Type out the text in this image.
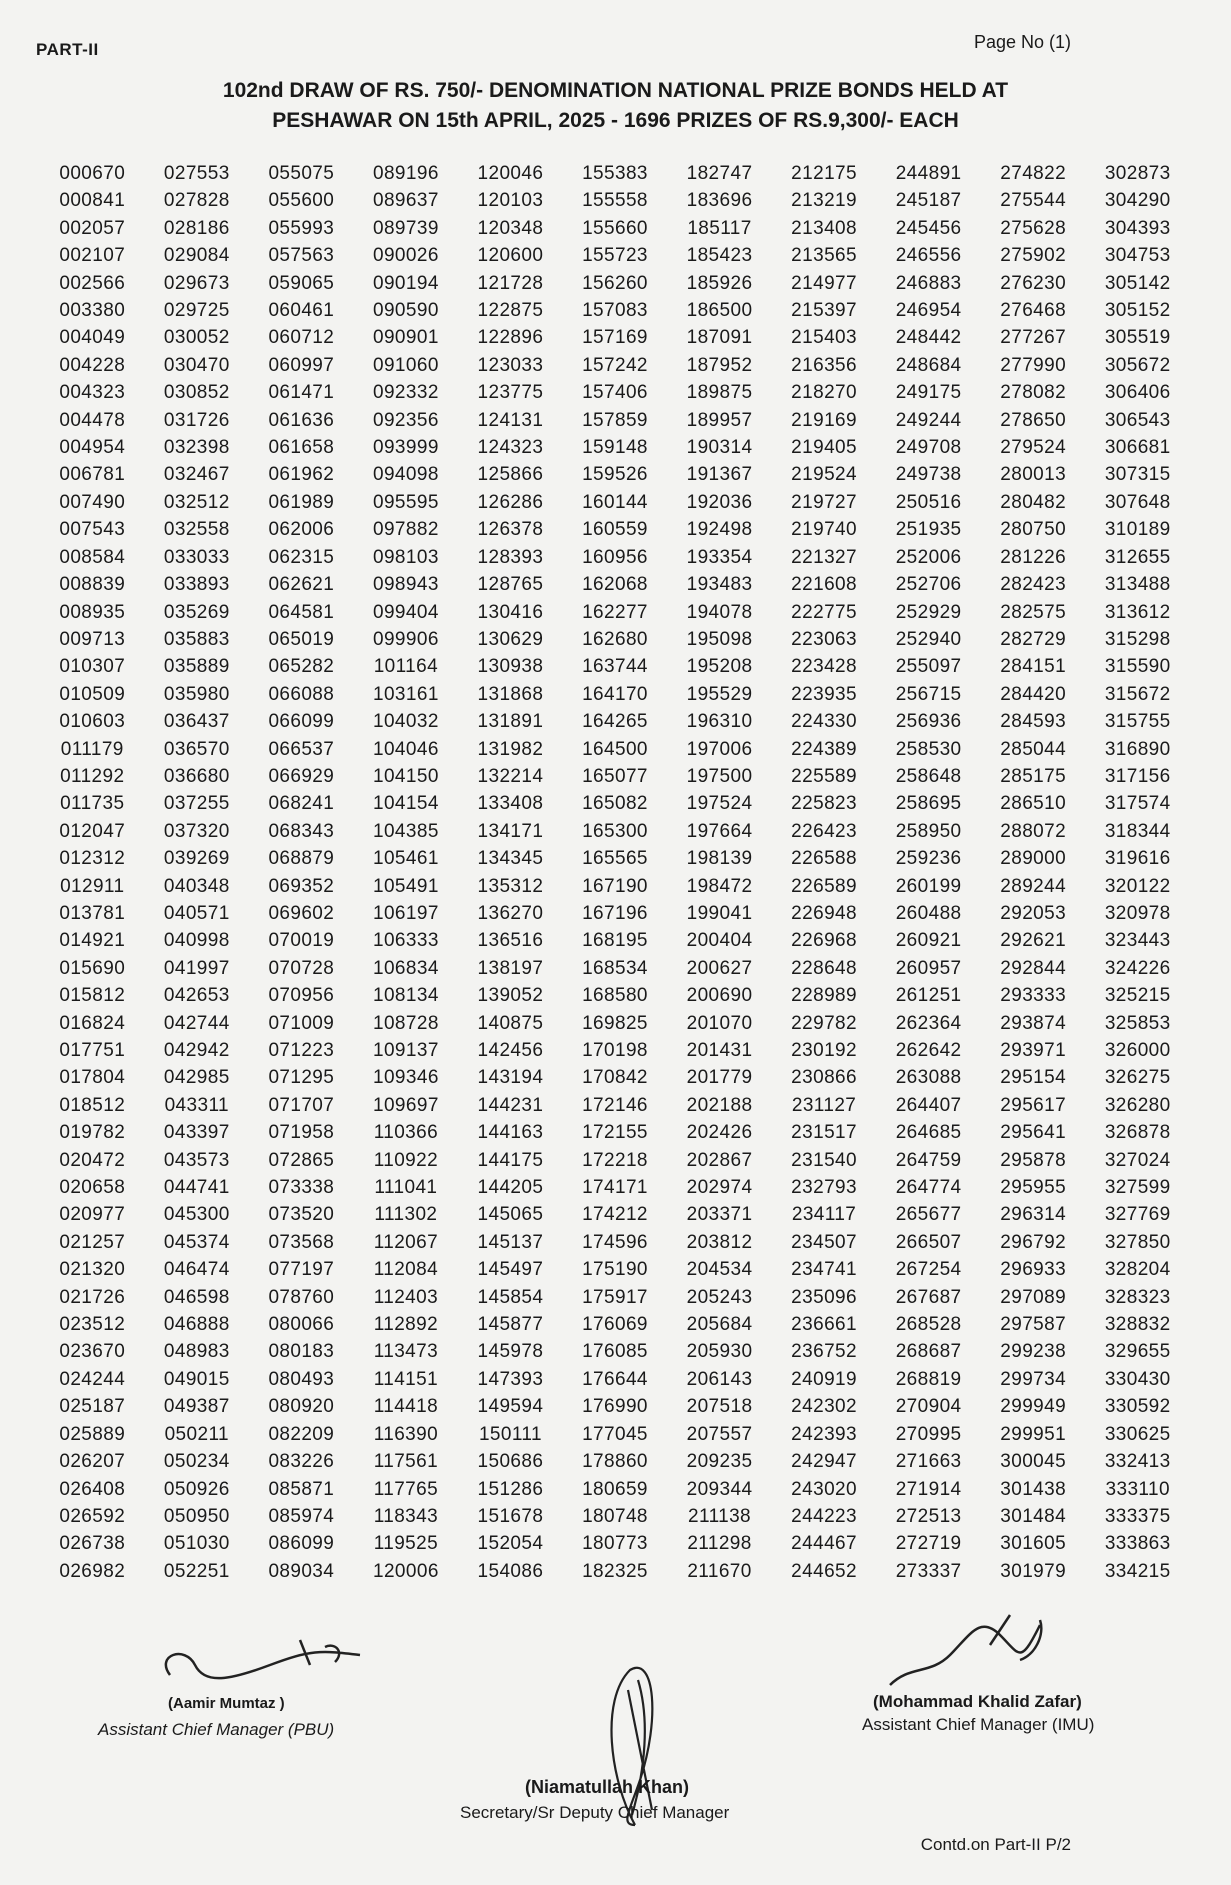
PART-II	Page No (1)
102nd DRAW OF RS. 750/- DENOMINATION NATIONAL PRIZE BONDS HELD AT
PESHAWAR ON 15th APRIL, 2025 - 1696 PRIZES OF RS.9,300/- EACH
000670
000841
002057
002107
002566
003380
004049
004228
004323
004478
004954
006781
007490
007543
008584
008839
008935
009713
010307
010509
010603
011179
011292
011735
012047
012312
012911
013781
014921
015690
015812
016824
017751
017804
018512
019782
020472
020658
020977
021257
021320
021726
023512
023670
024244
025187
025889
026207
026408
026592
026738
026982
027553
027828
028186
029084
029673
029725
030052
030470
030852
031726
032398
032467
032512
032558
033033
033893
035269
035883
035889
035980
036437
036570
036680
037255
037320
039269
040348
040571
040998
041997
042653
042744
042942
042985
043311
043397
043573
044741
045300
045374
046474
046598
046888
048983
049015
049387
050211
050234
050926
050950
051030
052251
055075
055600
055993
057563
059065
060461
060712
060997
061471
061636
061658
061962
061989
062006
062315
062621
064581
065019
065282
066088
066099
066537
066929
068241
068343
068879
069352
069602
070019
070728
070956
071009
071223
071295
071707
071958
072865
073338
073520
073568
077197
078760
080066
080183
080493
080920
082209
083226
085871
085974
086099
089034
089196
089637
089739
090026
090194
090590
090901
091060
092332
092356
093999
094098
095595
097882
098103
098943
099404
099906
101164
103161
104032
104046
104150
104154
104385
105461
105491
106197
106333
106834
108134
108728
109137
109346
109697
110366
110922
111041
111302
112067
112084
112403
112892
113473
114151
114418
116390
117561
117765
118343
119525
120006
120046
120103
120348
120600
121728
122875
122896
123033
123775
124131
124323
125866
126286
126378
128393
128765
130416
130629
130938
131868
131891
131982
132214
133408
134171
134345
135312
136270
136516
138197
139052
140875
142456
143194
144231
144163
144175
144205
145065
145137
145497
145854
145877
145978
147393
149594
150111
150686
151286
151678
152054
154086
155383
155558
155660
155723
156260
157083
157169
157242
157406
157859
159148
159526
160144
160559
160956
162068
162277
162680
163744
164170
164265
164500
165077
165082
165300
165565
167190
167196
168195
168534
168580
169825
170198
170842
172146
172155
172218
174171
174212
174596
175190
175917
176069
176085
176644
176990
177045
178860
180659
180748
180773
182325
182747
183696
185117
185423
185926
186500
187091
187952
189875
189957
190314
191367
192036
192498
193354
193483
194078
195098
195208
195529
196310
197006
197500
197524
197664
198139
198472
199041
200404
200627
200690
201070
201431
201779
202188
202426
202867
202974
203371
203812
204534
205243
205684
205930
206143
207518
207557
209235
209344
211138
211298
211670
212175
213219
213408
213565
214977
215397
215403
216356
218270
219169
219405
219524
219727
219740
221327
221608
222775
223063
223428
223935
224330
224389
225589
225823
226423
226588
226589
226948
226968
228648
228989
229782
230192
230866
231127
231517
231540
232793
234117
234507
234741
235096
236661
236752
240919
242302
242393
242947
243020
244223
244467
244652
244891
245187
245456
246556
246883
246954
248442
248684
249175
249244
249708
249738
250516
251935
252006
252706
252929
252940
255097
256715
256936
258530
258648
258695
258950
259236
260199
260488
260921
260957
261251
262364
262642
263088
264407
264685
264759
264774
265677
266507
267254
267687
268528
268687
268819
270904
270995
271663
271914
272513
272719
273337
274822
275544
275628
275902
276230
276468
277267
277990
278082
278650
279524
280013
280482
280750
281226
282423
282575
282729
284151
284420
284593
285044
285175
286510
288072
289000
289244
292053
292621
292844
293333
293874
293971
295154
295617
295641
295878
295955
296314
296792
296933
297089
297587
299238
299734
299949
299951
300045
301438
301484
301605
301979
302873
304290
304393
304753
305142
305152
305519
305672
306406
306543
306681
307315
307648
310189
312655
313488
313612
315298
315590
315672
315755
316890
317156
317574
318344
319616
320122
320978
323443
324226
325215
325853
326000
326275
326280
326878
327024
327599
327769
327850
328204
328323
328832
329655
330430
330592
330625
332413
333110
333375
333863
334215
(Aamir Mumtaz )
Assistant Chief Manager (PBU)
(Mohammad Khalid Zafar)
Assistant Chief Manager (IMU)
(Niamatullah Khan)
Secretary/Sr Deputy Chief Manager
Contd.on Part-II P/2
